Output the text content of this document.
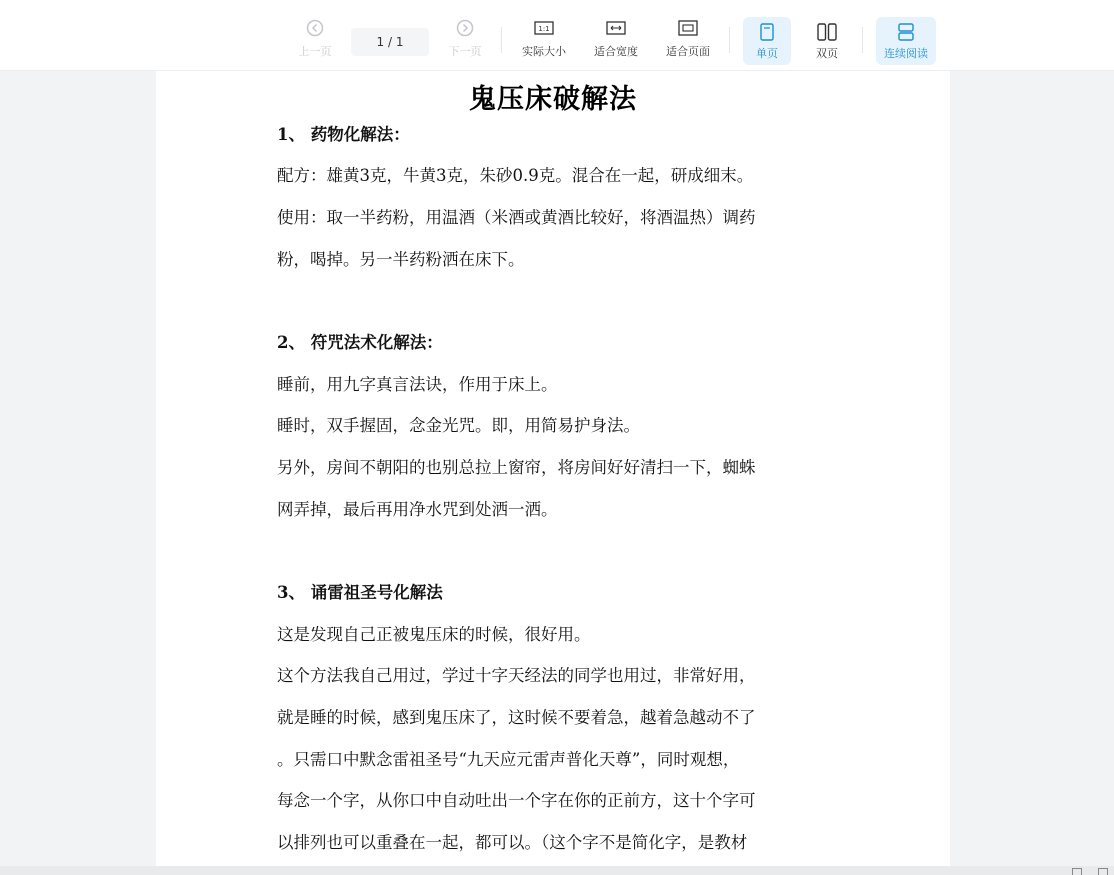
上一页
1 / 1
下一页
1:1
实际大小	适合宽度	适合页面	单页	双页	连续阅读
鬼压床破解法
1、 药物化解法：
配方：雄黄3克，牛黄3克，朱砂0.9克。混合在一起，研成细末。
使用：取一半药粉，用温酒（米酒或黄酒比较好，将酒温热）调药
粉，喝掉。另一半药粉洒在床下。
2、 符咒法术化解法：
睡前，用九字真言法诀，作用于床上。
睡时，双手握固，念金光咒。即，用简易护身法。
另外，房间不朝阳的也别总拉上窗帘，将房间好好清扫一下，蜘蛛
网弄掉，最后再用净水咒到处洒一洒。
3、 诵雷祖圣号化解法
这是发现自己正被鬼压床的时候，很好用。
这个方法我自己用过，学过十字天经法的同学也用过，非常好用，
就是睡的时候，感到鬼压床了，这时候不要着急，越着急越动不了
。只需口中默念雷祖圣号“九天应元雷声普化天尊”，同时观想，
每念一个字，从你口中自动吐出一个字在你的正前方，这十个字可
以排列也可以重叠在一起，都可以。（这个字不是简化字，是教材
